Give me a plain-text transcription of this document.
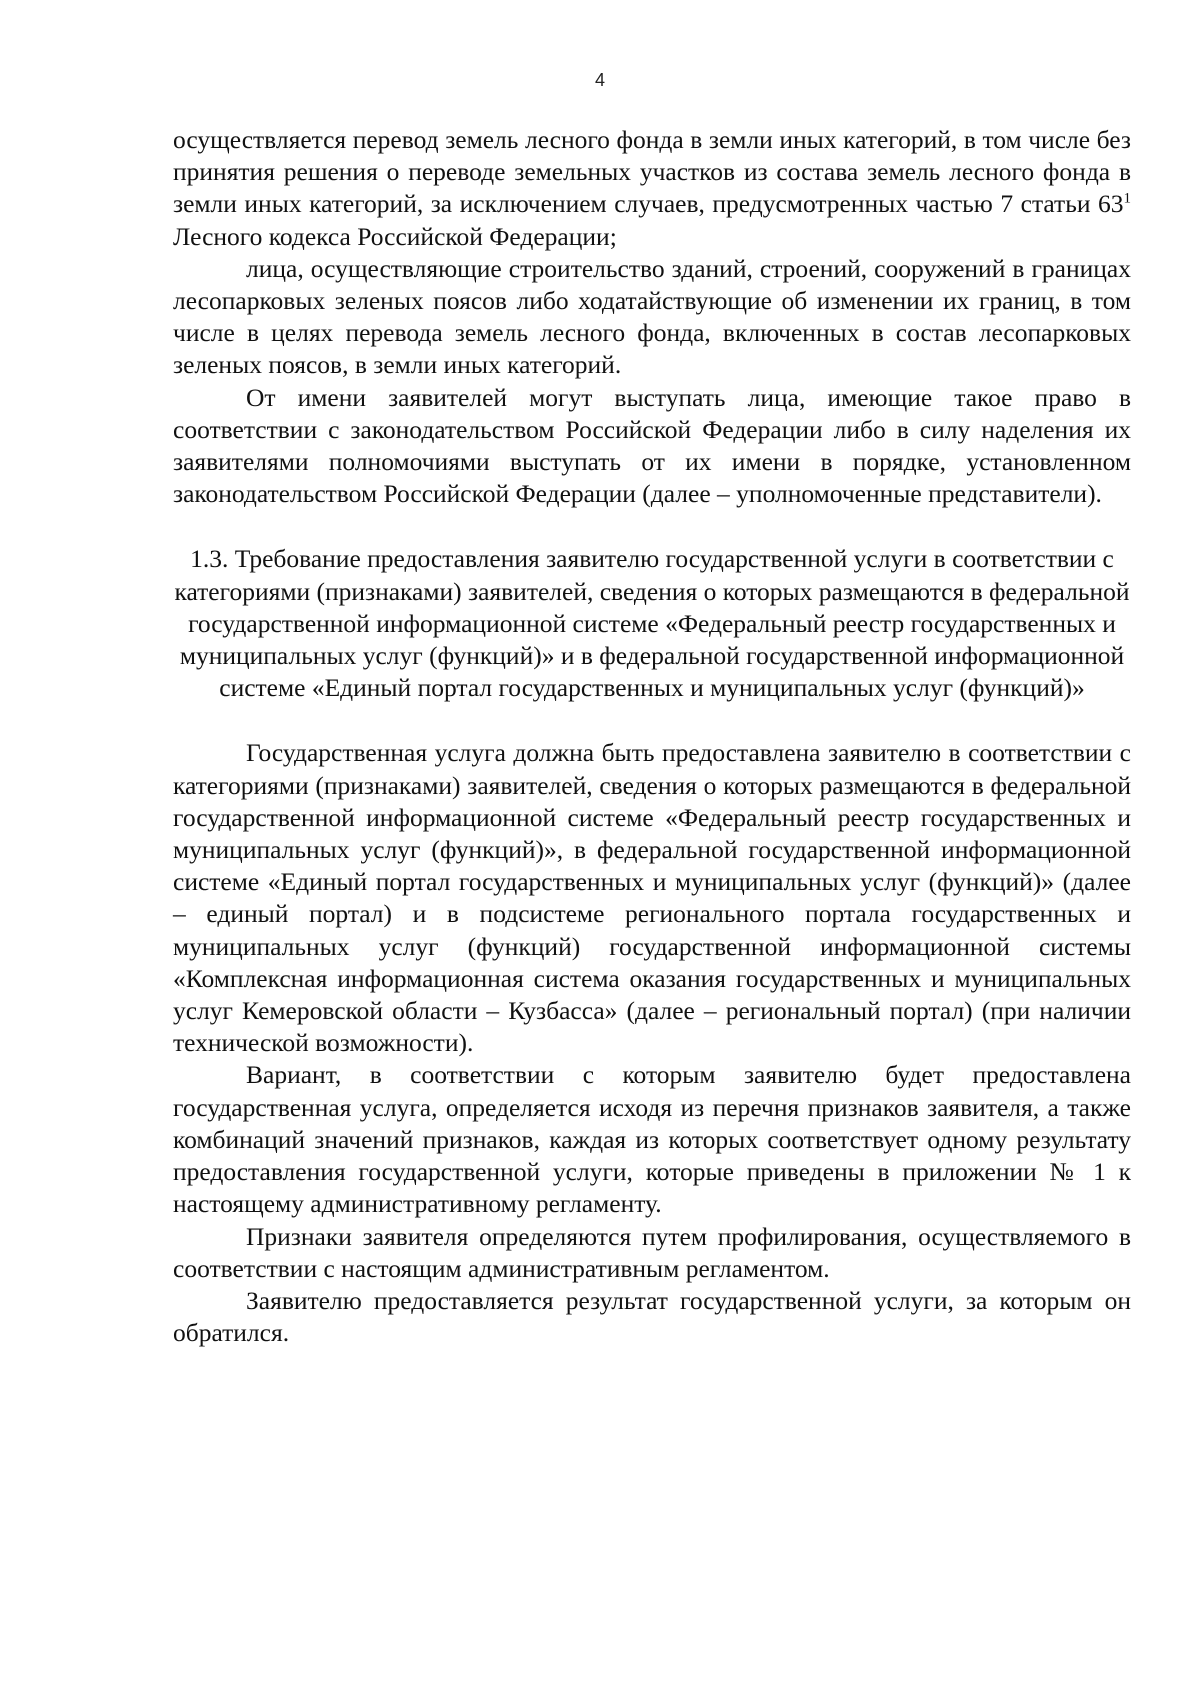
4

осуществляется перевод земель лесного фонда в земли иных категорий, в том числе без принятия решения о переводе земельных участков из состава земель лесного фонда в земли иных категорий, за исключением случаев, предусмотренных частью 7 статьи $63^1$ Лесного кодекса Российской Федерации;

лица, осуществляющие строительство зданий, строений, сооружений в границах лесопарковых зеленых поясов либо ходатайствующие об изменении их границ, в том числе в целях перевода земель лесного фонда, включенных в состав лесопарковых зеленых поясов, в земли иных категорий.

От имени заявителей могут выступать лица, имеющие такое право в соответствии с законодательством Российской Федерации либо в силу наделения их заявителями полномочиями выступать от их имени в порядке, установленном законодательством Российской Федерации (далее – уполномоченные представители).

1.3. Требование предоставления заявителю государственной услуги в соответствии с категориями (признаками) заявителей, сведения о которых размещаются в федеральной государственной информационной системе «Федеральный реестр государственных и муниципальных услуг (функций)» и в федеральной государственной информационной системе «Единый портал государственных и муниципальных услуг (функций)»

Государственная услуга должна быть предоставлена заявителю в соответствии с категориями (признаками) заявителей, сведения о которых размещаются в федеральной государственной информационной системе «Федеральный реестр государственных и муниципальных услуг (функций)», в федеральной государственной информационной системе «Единый портал государственных и муниципальных услуг (функций)» (далее – единый портал) и в подсистеме регионального портала государственных и муниципальных услуг (функций) государственной информационной системы «Комплексная информационная система оказания государственных и муниципальных услуг Кемеровской области – Кузбасса» (далее – региональный портал) (при наличии технической возможности).

Вариант, в соответствии с которым заявителю будет предоставлена государственная услуга, определяется исходя из перечня признаков заявителя, а также комбинаций значений признаков, каждая из которых соответствует одному результату предоставления государственной услуги, которые приведены в приложении № 1 к настоящему административному регламенту.

Признаки заявителя определяются путем профилирования, осуществляемого в соответствии с настоящим административным регламентом.

Заявителю предоставляется результат государственной услуги, за которым он обратился.
